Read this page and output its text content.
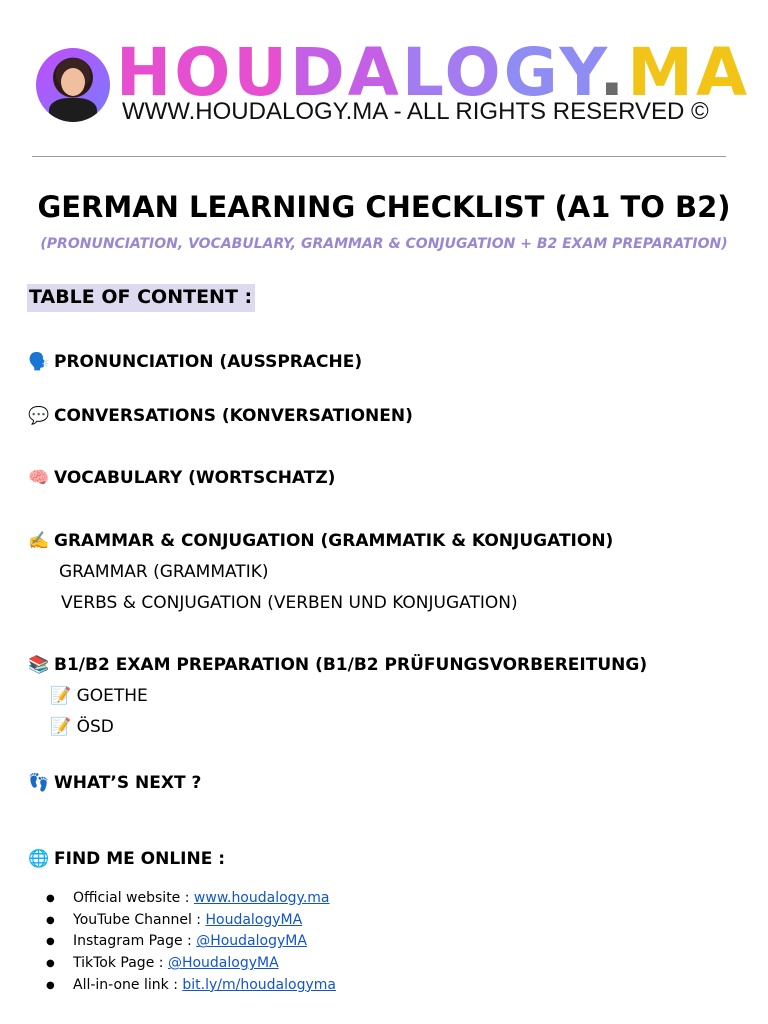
HOUDALOGY.MA
WWW.HOUDALOGY.MA - ALL RIGHTS RESERVED ©
GERMAN LEARNING CHECKLIST (A1 TO B2)
(PRONUNCIATION, VOCABULARY, GRAMMAR & CONJUGATION + B2 EXAM PREPARATION)
TABLE OF CONTENT :
🗣️ PRONUNCIATION (AUSSPRACHE)
💬 CONVERSATIONS (KONVERSATIONEN)
🧠 VOCABULARY (WORTSCHATZ)
✍️ GRAMMAR & CONJUGATION (GRAMMATIK & KONJUGATION)
GRAMMAR (GRAMMATIK)
VERBS & CONJUGATION (VERBEN UND KONJUGATION)
📚 B1/B2 EXAM PREPARATION (B1/B2 PRÜFUNGSVORBEREITUNG)
📝 GOETHE
📝 ÖSD
👣 WHAT’S NEXT ?
🌐 FIND ME ONLINE :
● Official website : www.houdalogy.ma
● YouTube Channel : HoudalogyMA
● Instagram Page : @HoudalogyMA
● TikTok Page : @HoudalogyMA
● All-in-one link : bit.ly/m/houdalogyma
